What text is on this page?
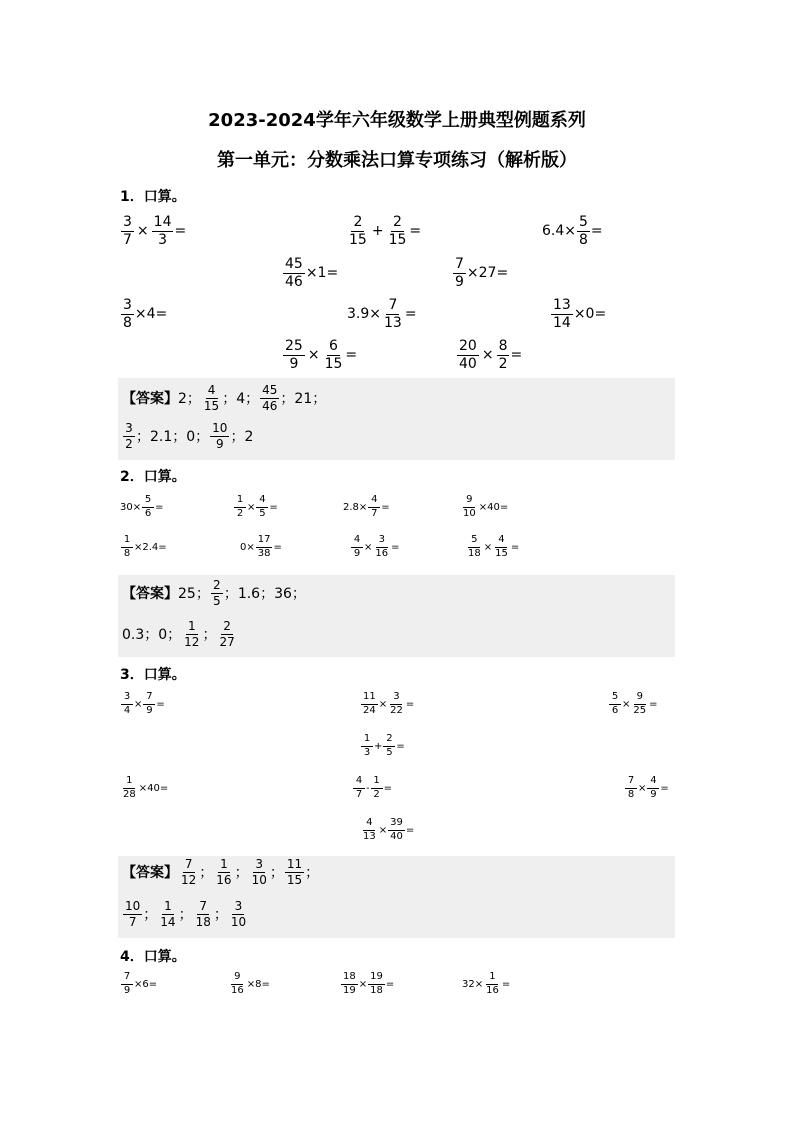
2023-2024学年六年级数学上册典型例题系列
第一单元：分数乘法口算专项练习（解析版）
1．口算。
$\frac{3}{7} \times \frac{14}{3}$ =	$\frac{2}{15} + \frac{2}{15}$ =	$6.4\times \frac{5}{8}$ =
$\frac{45}{46} \times 1=$	$\frac{7}{9} \times 27=$
$\frac{3}{8} \times 4=$	$3.9\times \frac{7}{13}$ =	$\frac{13}{14} \times 0=$
$\frac{25}{9} \times \frac{6}{15}$ =	$\frac{20}{40} \times \frac{8}{2}$ =
【答案】 2； $\frac{4}{15}$ ；4； $\frac{45}{46}$ ；21；
$\frac{3}{2}$ ；2.1；0； $\frac{10}{9}$ ；2
2．口算。
$30\times \frac{5}{6}$ =	$\frac{1}{2} \times \frac{4}{5}$ =	$2.8\times \frac{4}{7}$ =	$\frac{9}{10} \times 40=$
$\frac{1}{8} \times 2.4=$	$0\times \frac{17}{38}$ =	$\frac{4}{9} \times \frac{3}{16}$ =	$\frac{5}{18} \times \frac{4}{15}$ =
【答案】 25； $\frac{2}{5}$ ；1.6；36；
0.3；0； $\frac{1}{12}$ ； $\frac{2}{27}$
3．口算。
$\frac{3}{4} \times \frac{7}{9}$ =	$\frac{11}{24} \times \frac{3}{22}$ =	$\frac{5}{6} \times \frac{9}{25}$ =
$\frac{1}{3} + \frac{2}{5}$ =
$\frac{1}{28} \times 40=$	$\frac{4}{7} - \frac{1}{2}$ =	$\frac{7}{8} \times \frac{4}{9}$ =
$\frac{4}{13} \times \frac{39}{40}$ =
【答案】 $\frac{7}{12}$ ； $\frac{1}{16}$ ； $\frac{3}{10}$ ； $\frac{11}{15}$ ；
$\frac{10}{7}$ ； $\frac{1}{14}$ ； $\frac{7}{18}$ ； $\frac{3}{10}$
4．口算。
$\frac{7}{9} \times 6=$	$\frac{9}{16} \times 8=$	$\frac{18}{19} \times \frac{19}{18}$ =	$32\times \frac{1}{16}$ =
